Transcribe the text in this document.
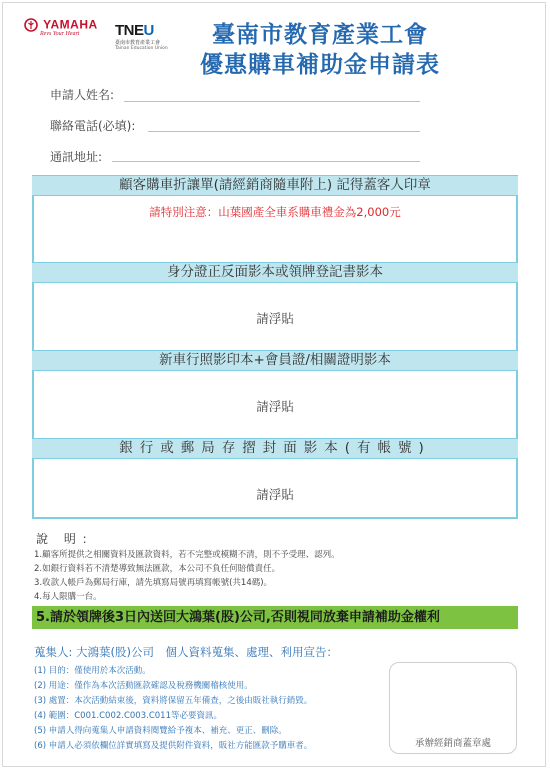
YAMAHA
Revs Your Heart	TNEU
臺南市教育產業工會
Tainan Education Union
臺南市教育產業工會
優惠購車補助金申請表
申請人姓名:
聯絡電話(必填):
通訊地址:
顧客購車折讓單(請經銷商隨車附上) 記得蓋客人印章
請特別注意：山葉國產全車系購車禮金為2,000元
身分證正反面影本或領牌登記書影本
請浮貼
新車行照影印本+會員證/相關證明影本
請浮貼
銀行或郵局存摺封面影本(有帳號)
請浮貼
說 明：
1.顧客所提供之相關資料及匯款資料，若不完整或模糊不清，則不予受理、認列。
2.如銀行資料若不清楚導致無法匯款，本公司不負任何賠償責任。
3.收款人帳戶為郵局行庫，請先填寫局號再填寫帳號(共14碼)。
4.每人限購一台。
5.請於領牌後3日內送回大鴻葉(股)公司,否則視同放棄申請補助金權利
蒐集人: 大鴻葉(股)公司　個人資料蒐集、處理、利用宣告：
(1) 目的：僅使用於本次活動。
(2) 用途：僅作為本次活動匯款確認及稅務機關稽核使用。
(3) 處置：本次活動結束後，資料將保留五年備查，之後由販社執行銷毀。
(4) 範圍：C001.C002.C003.C011等必要資訊。
(5) 申請人得向蒐集人申請資料閱覽給予複本、補充、更正、刪除。
(6) 申請人必須依欄位詳實填寫及提供附件資料，販社方能匯款予購車者。	承辦經銷商蓋章處
